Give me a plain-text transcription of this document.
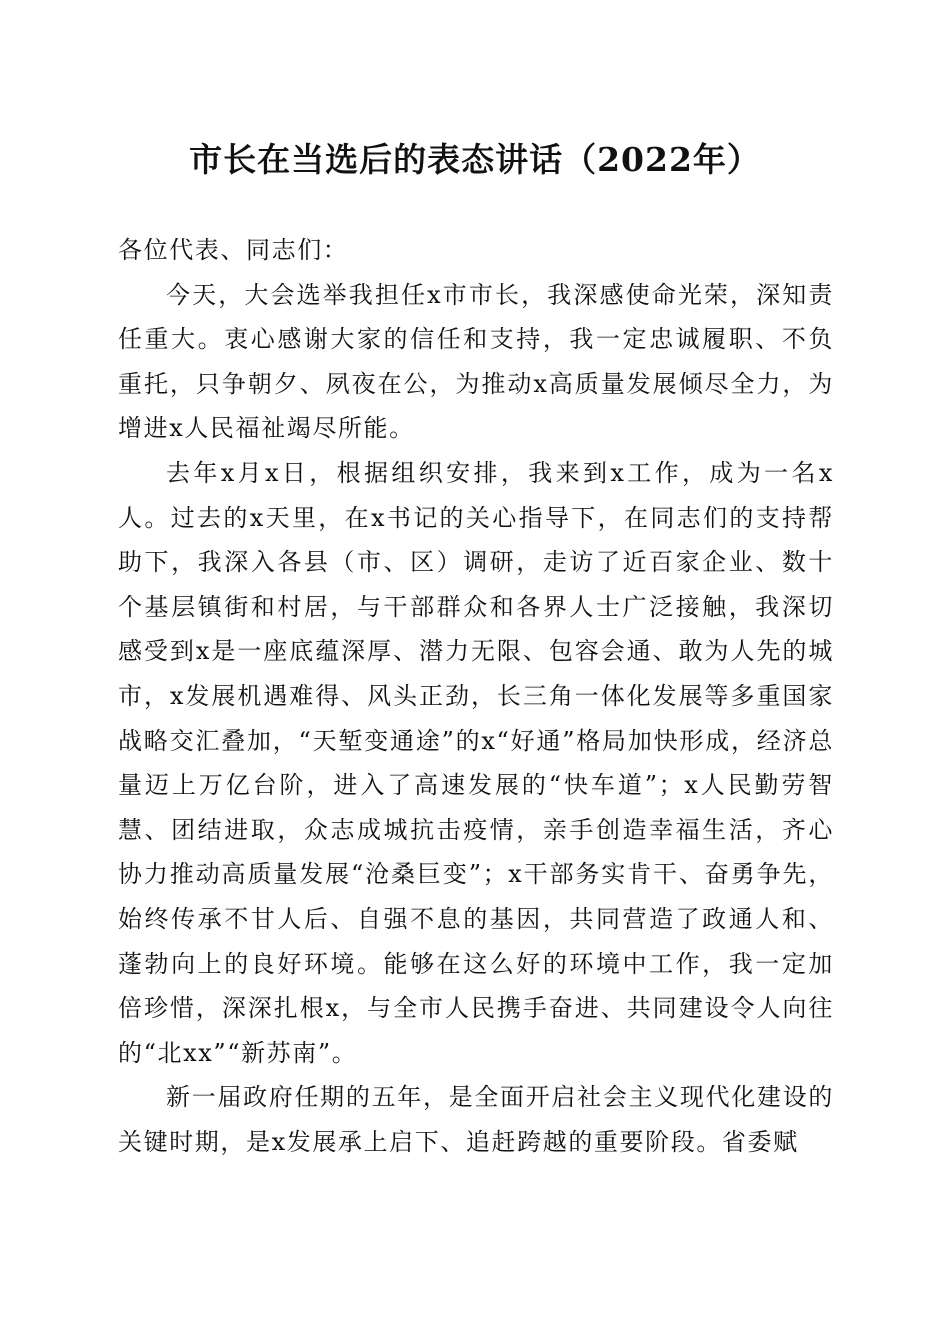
市长在当选后的表态讲话（2022年）

各位代表、同志们：

今天，大会选举我担任x市市长，我深感使命光荣，深知责任重大。衷心感谢大家的信任和支持，我一定忠诚履职、不负重托，只争朝夕、夙夜在公，为推动x高质量发展倾尽全力，为增进x人民福祉竭尽所能。

去年x月x日，根据组织安排，我来到x工作，成为一名x人。过去的x天里，在x书记的关心指导下，在同志们的支持帮助下，我深入各县（市、区）调研，走访了近百家企业、数十个基层镇街和村居，与干部群众和各界人士广泛接触，我深切感受到x是一座底蕴深厚、潜力无限、包容会通、敢为人先的城市，x发展机遇难得、风头正劲，长三角一体化发展等多重国家战略交汇叠加，“天堑变通途”的x“好通”格局加快形成，经济总量迈上万亿台阶，进入了高速发展的“快车道”；x人民勤劳智慧、团结进取，众志成城抗击疫情，亲手创造幸福生活，齐心协力推动高质量发展“沧桑巨变”；x干部务实肯干、奋勇争先，始终传承不甘人后、自强不息的基因，共同营造了政通人和、蓬勃向上的良好环境。能够在这么好的环境中工作，我一定加倍珍惜，深深扎根x，与全市人民携手奋进、共同建设令人向往的“北xx”“新苏南”。

新一届政府任期的五年，是全面开启社会主义现代化建设的关键时期，是x发展承上启下、追赶跨越的重要阶段。省委赋
